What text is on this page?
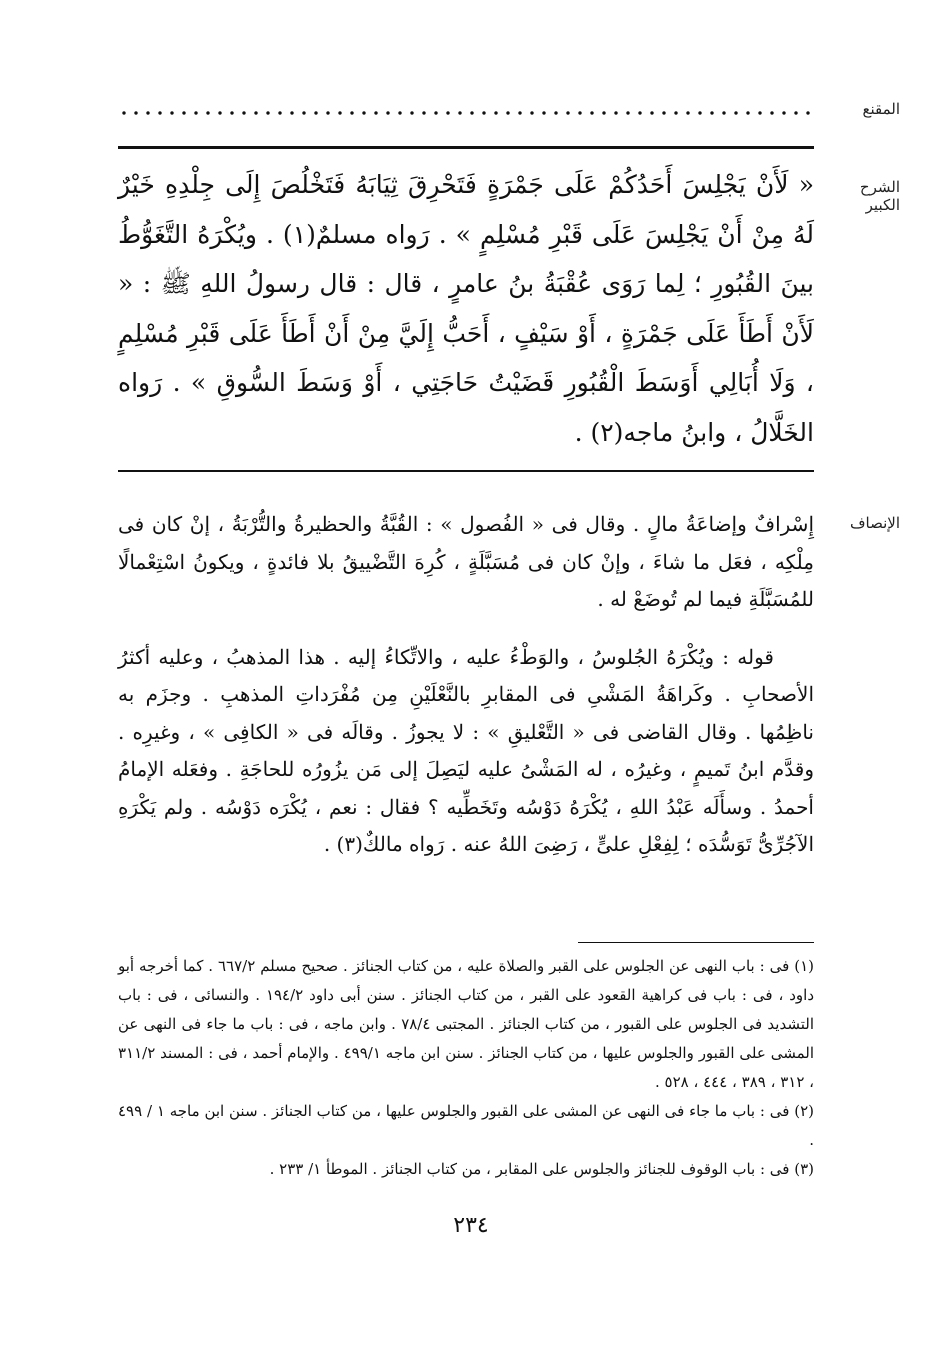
المقنع
الشرح الكبير

« لَأَنْ يَجْلِسَ أَحَدُكُمْ عَلَى جَمْرَةٍ فَتَحْرِقَ ثِيَابَهُ فَتَخْلُصَ إِلَى جِلْدِهِ خَيْرٌ لَهُ مِنْ أَنْ يَجْلِسَ عَلَى قَبْرِ مُسْلِمٍ » . رَواه مسلمٌ(١) . ويُكْرَهُ التَّغَوُّطُ بينَ القُبُورِ ؛ لِما رَوَى عُقْبَةُ بنُ عامرٍ ، قال : قال رسولُ اللهِ ﷺ : « لَأَنْ أَطَأَ عَلَى جَمْرَةٍ ، أَوْ سَيْفٍ ، أَحَبُّ إِلَيَّ مِنْ أَنْ أَطَأَ عَلَى قَبْرِ مُسْلِمٍ ، وَلَا أُبَالِي أَوَسَطَ الْقُبُورِ قَضَيْتُ حَاجَتِي ، أَوْ وَسَطَ السُّوقِ » . رَواه الخَلَّالُ ، وابنُ ماجه(٢) .

الإنصاف

إِسْرافٌ وإضاعَةُ مالٍ . وقال فى « الفُصول » : القُبَّةُ والحظيرةُ والتُّرْبَةُ ، إنْ كان فى مِلْكِه ، فعَل ما شاءَ ، وإنْ كان فى مُسَبَّلَةٍ ، كُرِهَ التَّضْييقُ بلا فائدةٍ ، ويكونُ اسْتِعْمالًا للمُسَبَّلَةِ فيما لم تُوضَعْ له .

قوله : ويُكْرَهُ الجُلوسُ ، والوَطْءُ عليه ، والاتِّكاءُ إليه . هذا المذهبُ ، وعليه أكثرُ الأصحابِ . وكَراهَةُ المَشْىِ فى المقابرِ بالنَّعْلَيْنِ مِن مُفْرَداتِ المذهبِ . وجزَم به ناظِمُها . وقال القاضى فى « التَّعْليقِ » : لا يجوزُ . وقالَه فى « الكافِى » ، وغيرِه . وقدَّم ابنُ تَميمٍ ، وغيرُه ، له المَشْىُ عليه ليَصِلَ إلى مَن يزُورُه للحاجَةِ . وفعَله الإمامُ أحمدُ . وسأَلَه عَبْدُ اللهِ ، يُكْرَهُ دَوْسُه وتَخَطِّيه ؟ فقال : نعم ، يُكْرَه دَوْسُه . ولم يَكْرَهِ الآجُرِّىُّ تَوَسُّدَه ؛ لِفِعْلِ علىٍّ ، رَضِىَ اللهُ عنه . رَواه مالكٌ(٣) .

(١) فى : باب النهى عن الجلوس على القبر والصلاة عليه ، من كتاب الجنائز . صحيح مسلم ٦٦٧/٢ . كما أخرجه أبو داود ، فى : باب فى كراهية القعود على القبر ، من كتاب الجنائز . سنن أبى داود ١٩٤/٢ . والنسائى ، فى : باب التشديد فى الجلوس على القبور ، من كتاب الجنائز . المجتبى ٧٨/٤ . وابن ماجه ، فى : باب ما جاء فى النهى عن المشى على القبور والجلوس عليها ، من كتاب الجنائز . سنن ابن ماجه ٤٩٩/١ . والإمام أحمد ، فى : المسند ٣١١/٢ ، ٣١٢ ، ٣٨٩ ، ٤٤٤ ، ٥٢٨ .

(٢) فى : باب ما جاء فى النهى عن المشى على القبور والجلوس عليها ، من كتاب الجنائز . سنن ابن ماجه ١ / ٤٩٩ .

(٣) فى : باب الوقوف للجنائز والجلوس على المقابر ، من كتاب الجنائز . الموطأ ١/ ٢٣٣ .

٢٣٤
